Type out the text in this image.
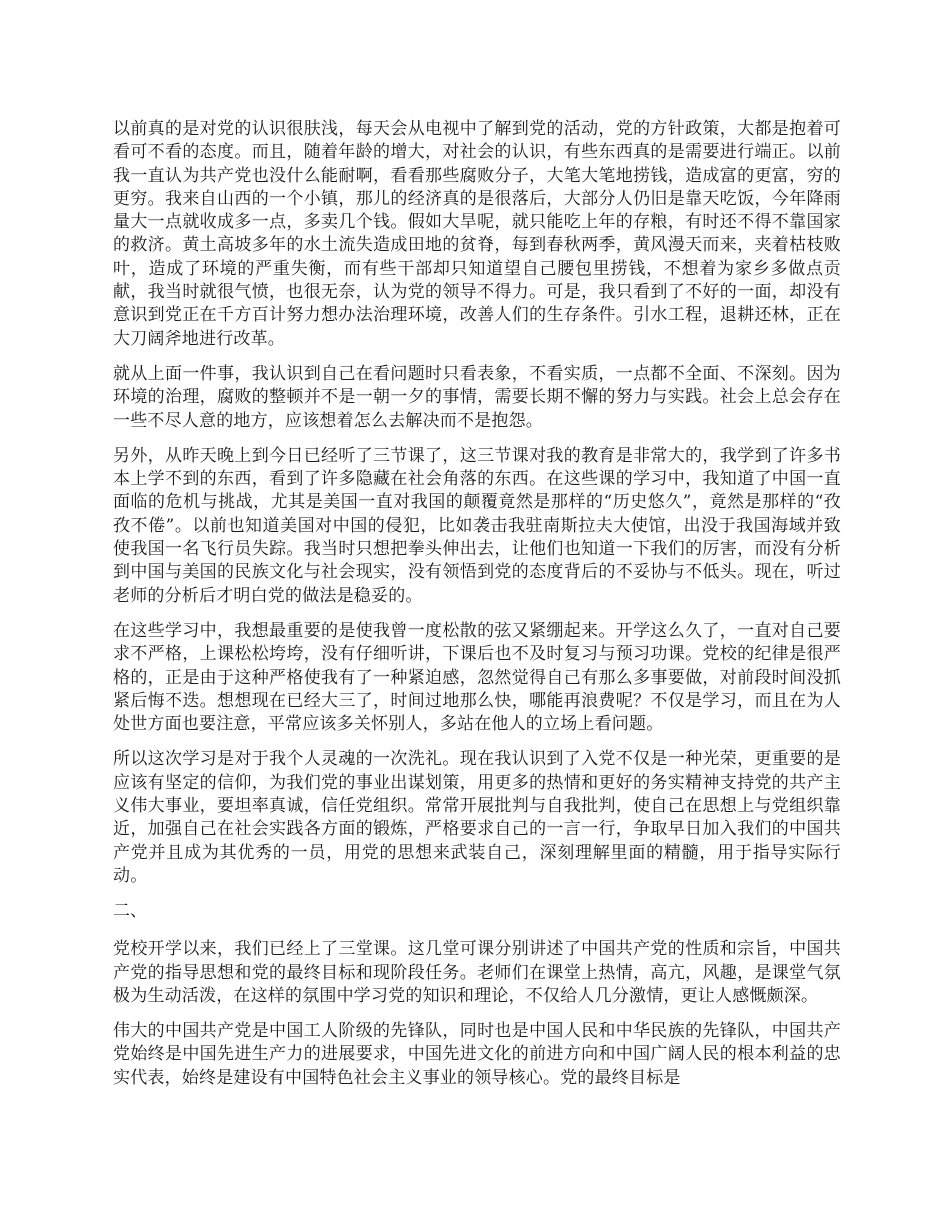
以前真的是对党的认识很肤浅，每天会从电视中了解到党的活动，党的方针政策，大都是抱着可看可不看的态度。而且，随着年龄的增大，对社会的认识，有些东西真的是需要进行端正。以前我一直认为共产党也没什么能耐啊，看看那些腐败分子，大笔大笔地捞钱，造成富的更富，穷的更穷。我来自山西的一个小镇，那儿的经济真的是很落后，大部分人仍旧是靠天吃饭，今年降雨量大一点就收成多一点，多卖几个钱。假如大旱呢，就只能吃上年的存粮，有时还不得不靠国家的救济。黄土高坡多年的水土流失造成田地的贫脊，每到春秋两季，黄风漫天而来，夹着枯枝败叶，造成了环境的严重失衡，而有些干部却只知道望自己腰包里捞钱，不想着为家乡多做点贡献，我当时就很气愤，也很无奈，认为党的领导不得力。可是，我只看到了不好的一面，却没有意识到党正在千方百计努力想办法治理环境，改善人们的生存条件。引水工程，退耕还林，正在大刀阔斧地进行改革。

就从上面一件事，我认识到自己在看问题时只看表象，不看实质，一点都不全面、不深刻。因为环境的治理，腐败的整顿并不是一朝一夕的事情，需要长期不懈的努力与实践。社会上总会存在一些不尽人意的地方，应该想着怎么去解决而不是抱怨。

另外，从昨天晚上到今日已经听了三节课了，这三节课对我的教育是非常大的，我学到了许多书本上学不到的东西，看到了许多隐藏在社会角落的东西。在这些课的学习中，我知道了中国一直面临的危机与挑战，尤其是美国一直对我国的颠覆竟然是那样的“历史悠久”，竟然是那样的“孜孜不倦”。以前也知道美国对中国的侵犯，比如袭击我驻南斯拉夫大使馆，出没于我国海域并致使我国一名飞行员失踪。我当时只想把拳头伸出去，让他们也知道一下我们的厉害，而没有分析到中国与美国的民族文化与社会现实，没有领悟到党的态度背后的不妥协与不低头。现在，听过老师的分析后才明白党的做法是稳妥的。

在这些学习中，我想最重要的是使我曾一度松散的弦又紧绷起来。开学这么久了，一直对自己要求不严格，上课松松垮垮，没有仔细听讲，下课后也不及时复习与预习功课。党校的纪律是很严格的，正是由于这种严格使我有了一种紧迫感，忽然觉得自己有那么多事要做，对前段时间没抓紧后悔不迭。想想现在已经大三了，时间过地那么快，哪能再浪费呢？不仅是学习，而且在为人处世方面也要注意，平常应该多关怀别人，多站在他人的立场上看问题。

所以这次学习是对于我个人灵魂的一次洗礼。现在我认识到了入党不仅是一种光荣，更重要的是应该有坚定的信仰，为我们党的事业出谋划策，用更多的热情和更好的务实精神支持党的共产主义伟大事业，要坦率真诚，信任党组织。常常开展批判与自我批判，使自己在思想上与党组织靠近，加强自己在社会实践各方面的锻炼，严格要求自己的一言一行，争取早日加入我们的中国共产党并且成为其优秀的一员，用党的思想来武装自己，深刻理解里面的精髓，用于指导实际行动。

二、

党校开学以来，我们已经上了三堂课。这几堂可课分别讲述了中国共产党的性质和宗旨，中国共产党的指导思想和党的最终目标和现阶段任务。老师们在课堂上热情，高亢，风趣，是课堂气氛极为生动活泼，在这样的氛围中学习党的知识和理论，不仅给人几分激情，更让人感慨颇深。

伟大的中国共产党是中国工人阶级的先锋队，同时也是中国人民和中华民族的先锋队，中国共产党始终是中国先进生产力的进展要求，中国先进文化的前进方向和中国广阔人民的根本利益的忠实代表，始终是建设有中国特色社会主义事业的领导核心。党的最终目标是
